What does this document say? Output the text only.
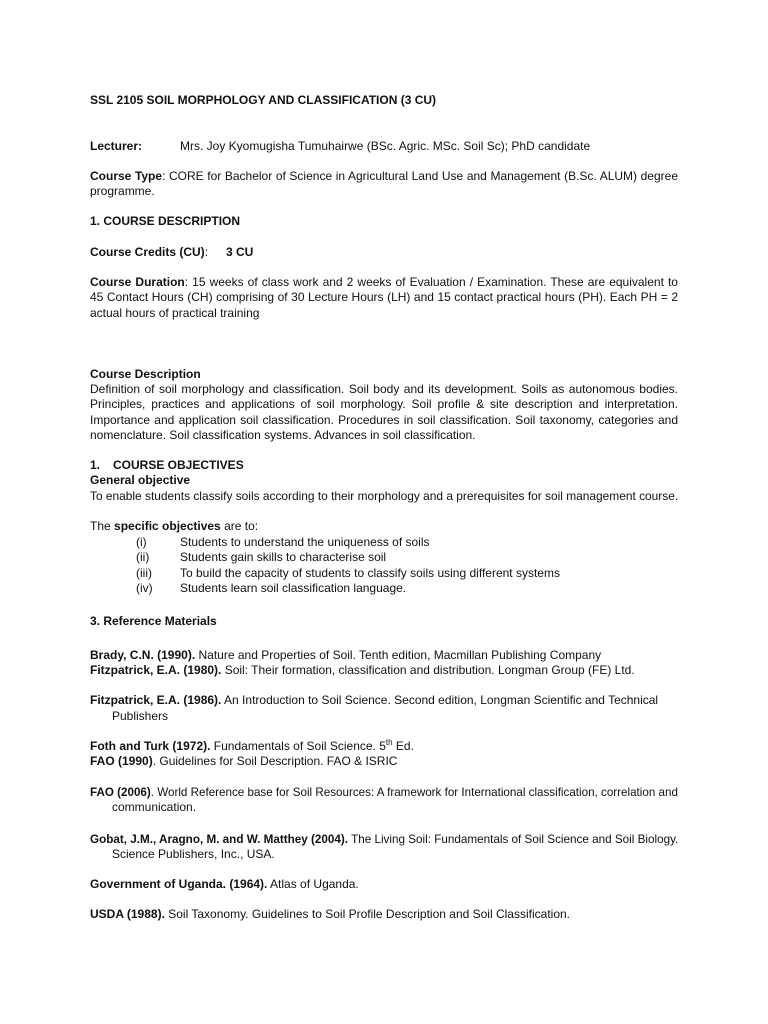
SSL 2105 SOIL MORPHOLOGY AND CLASSIFICATION (3 CU)
Lecturer:	Mrs. Joy Kyomugisha Tumuhairwe (BSc. Agric. MSc. Soil Sc); PhD candidate
Course Type: CORE for Bachelor of Science in Agricultural Land Use and Management (B.Sc. ALUM) degree programme.
1. COURSE DESCRIPTION
Course Credits (CU): 3 CU
Course Duration: 15 weeks of class work and 2 weeks of Evaluation / Examination. These are equivalent to 45 Contact Hours (CH) comprising of 30 Lecture Hours (LH) and 15 contact practical hours (PH). Each PH = 2 actual hours of practical training
Course Description
Definition of soil morphology and classification. Soil body and its development. Soils as autonomous bodies. Principles, practices and applications of soil morphology. Soil profile & site description and interpretation. Importance and application soil classification. Procedures in soil classification. Soil taxonomy, categories and nomenclature. Soil classification systems. Advances in soil classification.
1. COURSE OBJECTIVES
General objective
To enable students classify soils according to their morphology and a prerequisites for soil management course.
The specific objectives are to:
(i)	Students to understand the uniqueness of soils
(ii)	Students gain skills to characterise soil
(iii) To build the capacity of students to classify soils using different systems
(iv) Students learn soil classification language.
3. Reference Materials
Brady, C.N. (1990). Nature and Properties of Soil. Tenth edition, Macmillan Publishing Company
Fitzpatrick, E.A. (1980). Soil: Their formation, classification and distribution. Longman Group (FE) Ltd.
Fitzpatrick, E.A. (1986). An Introduction to Soil Science. Second edition, Longman Scientific and Technical
Publishers
Foth and Turk (1972). Fundamentals of Soil Science. 5th Ed.
FAO (1990). Guidelines for Soil Description. FAO & ISRIC
FAO (2006). World Reference base for Soil Resources: A framework for International classification, correlation and
communication.
Gobat, J.M., Aragno, M. and W. Matthey (2004). The Living Soil: Fundamentals of Soil Science and Soil Biology.
Science Publishers, Inc., USA.
Government of Uganda. (1964). Atlas of Uganda.
USDA (1988). Soil Taxonomy. Guidelines to Soil Profile Description and Soil Classification.
